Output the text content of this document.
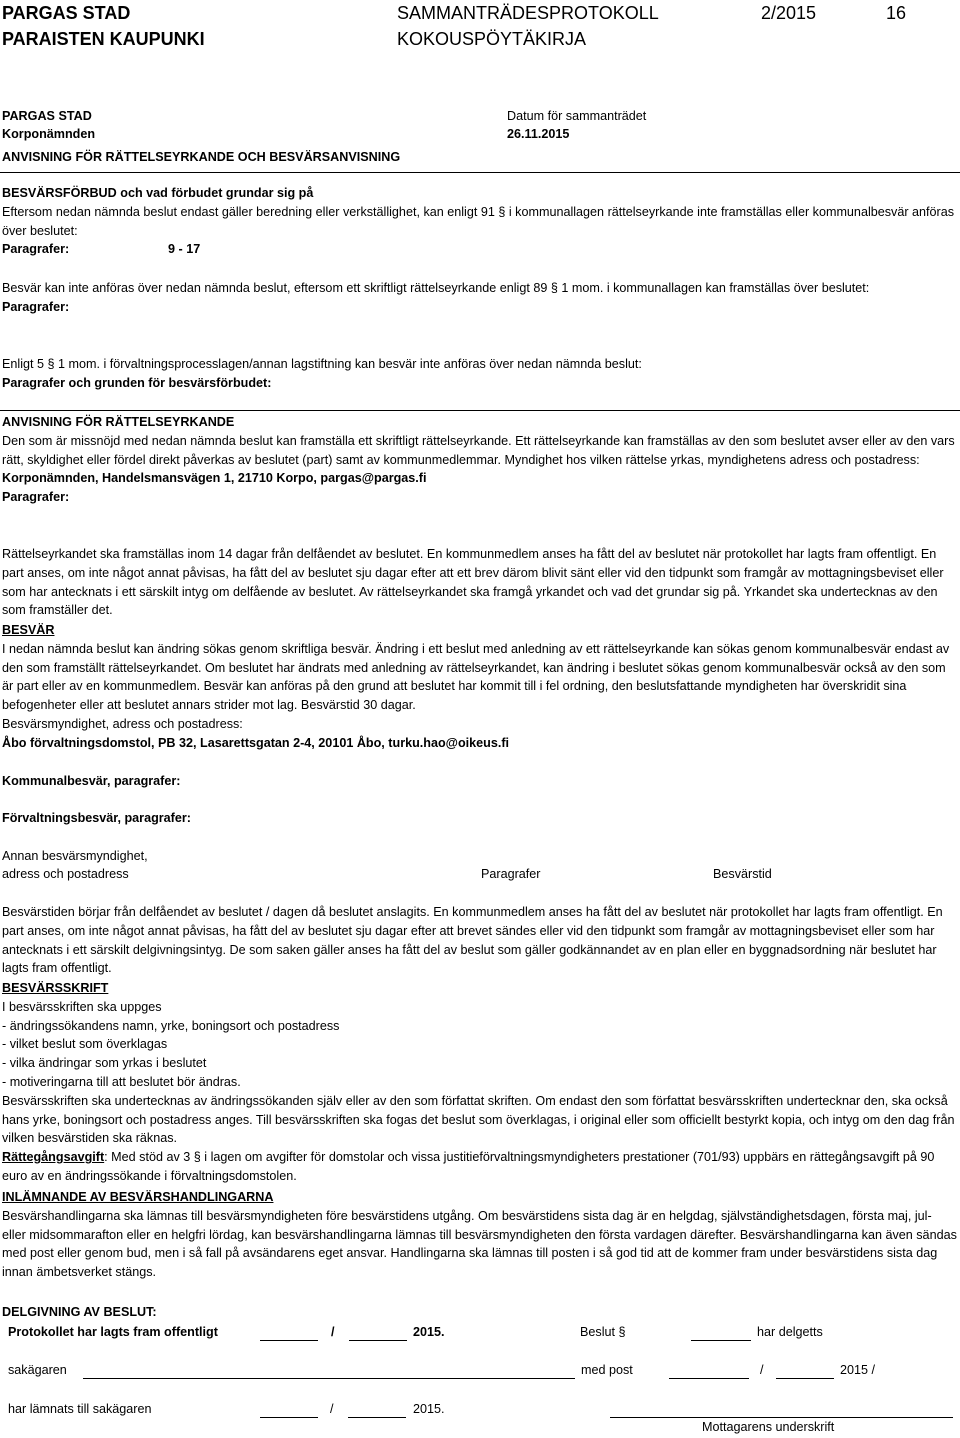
PARGAS STAD
PARAISTEN KAUPUNKI
SAMMANTRÄDESPROTOKOLL
KOKOUSPÖYTÄKIRJA
2/2015	16
PARGAS STAD	Datum för sammanträdet
Korponämnden	26.11.2015
ANVISNING FÖR RÄTTELSEYRKANDE OCH BESVÄRSANVISNING

BESVÄRSFÖRBUD och vad förbudet grundar sig på

Eftersom nedan nämnda beslut endast gäller beredning eller verkställighet, kan enligt 91 § i kommunallagen rättelseyrkande inte framställas eller kommunalbesvär anföras över beslutet:

Paragrafer:	9 - 17

Besvär kan inte anföras över nedan nämnda beslut, eftersom ett skriftligt rättelseyrkande enligt 89 § 1 mom. i kommunallagen kan framställas över beslutet:

Paragrafer:

Enligt 5 § 1 mom. i förvaltningsprocesslagen/annan lagstiftning kan besvär inte anföras över nedan nämnda beslut:

Paragrafer och grunden för besvärsförbudet:

ANVISNING FÖR RÄTTELSEYRKANDE

Den som är missnöjd med nedan nämnda beslut kan framställa ett skriftligt rättelseyrkande. Ett rättelseyrkande kan framställas av den som beslutet avser eller av den vars rätt, skyldighet eller fördel direkt påverkas av beslutet (part) samt av kommunmedlemmar. Myndighet hos vilken rättelse yrkas, myndighetens adress och postadress:

Korponämnden, Handelsmansvägen 1, 21710 Korpo, pargas@pargas.fi

Paragrafer:

Rättelseyrkandet ska framställas inom 14 dagar från delfåendet av beslutet. En kommunmedlem anses ha fått del av beslutet när protokollet har lagts fram offentligt. En part anses, om inte något annat påvisas, ha fått del av beslutet sju dagar efter att ett brev därom blivit sänt eller vid den tidpunkt som framgår av mottagningsbeviset eller som har antecknats i ett särskilt intyg om delfående av beslutet. Av rättelseyrkandet ska framgå yrkandet och vad det grundar sig på. Yrkandet ska undertecknas av den som framställer det.

BESVÄR

I nedan nämnda beslut kan ändring sökas genom skriftliga besvär. Ändring i ett beslut med anledning av ett rättelseyrkande kan sökas genom kommunalbesvär endast av den som framställt rättelseyrkandet. Om beslutet har ändrats med anledning av rättelseyrkandet, kan ändring i beslutet sökas genom kommunalbesvär också av den som är part eller av en kommunmedlem. Besvär kan anföras på den grund att beslutet har kommit till i fel ordning, den beslutsfattande myndigheten har överskridit sina befogenheter eller att beslutet annars strider mot lag. Besvärstid 30 dagar.

Besvärsmyndighet, adress och postadress:

Åbo förvaltningsdomstol, PB 32, Lasarettsgatan 2-4, 20101 Åbo, turku.hao@oikeus.fi

Kommunalbesvär, paragrafer:
Förvaltningsbesvär, paragrafer:
Annan besvärsmyndighet,
adress och postadress	Paragrafer	Besvärstid

Besvärstiden börjar från delfåendet av beslutet / dagen då beslutet anslagits. En kommunmedlem anses ha fått del av beslutet när protokollet har lagts fram offentligt. En part anses, om inte något annat påvisas, ha fått del av beslutet sju dagar efter att brevet sändes eller vid den tidpunkt som framgår av mottagningsbeviset eller som har antecknats i ett särskilt delgivningsintyg. De som saken gäller anses ha fått del av beslut som gäller godkännandet av en plan eller en byggnadsordning när beslutet har lagts fram offentligt.

BESVÄRSSKRIFT

I besvärsskriften ska uppges

- ändringssökandens namn, yrke, boningsort och postadress

- vilket beslut som överklagas

- vilka ändringar som yrkas i beslutet

- motiveringarna till att beslutet bör ändras.

Besvärsskriften ska undertecknas av ändringssökanden själv eller av den som författat skriften. Om endast den som författat besvärsskriften undertecknar den, ska också hans yrke, boningsort och postadress anges. Till besvärsskriften ska fogas det beslut som överklagas, i original eller som officiellt bestyrkt kopia, och intyg om den dag från vilken besvärstiden ska räknas.

Rättegångsavgift: Med stöd av 3 § i lagen om avgifter för domstolar och vissa justitieförvaltningsmyndigheters prestationer (701/93) uppbärs en rättegångsavgift på 90 euro av en ändringssökande i förvaltningsdomstolen.

INLÄMNANDE AV BESVÄRSHANDLINGARNA

Besvärshandlingarna ska lämnas till besvärsmyndigheten före besvärstidens utgång. Om besvärstidens sista dag är en helgdag, självständighetsdagen, första maj, jul- eller midsommarafton eller en helgfri lördag, kan besvärshandlingarna lämnas till besvärsmyndigheten den första vardagen därefter. Besvärshandlingarna kan även sändas med post eller genom bud, men i så fall på avsändarens eget ansvar. Handlingarna ska lämnas till posten i så god tid att de kommer fram under besvärstidens sista dag innan ämbetsverket stängs.

DELGIVNING AV BESLUT:
Protokollet har lagts fram offentligt	/	2015.	Beslut §	har delgetts
sakägaren	med post	/	2015 /
har lämnats till sakägaren	/	2015.
Mottagarens underskrift
